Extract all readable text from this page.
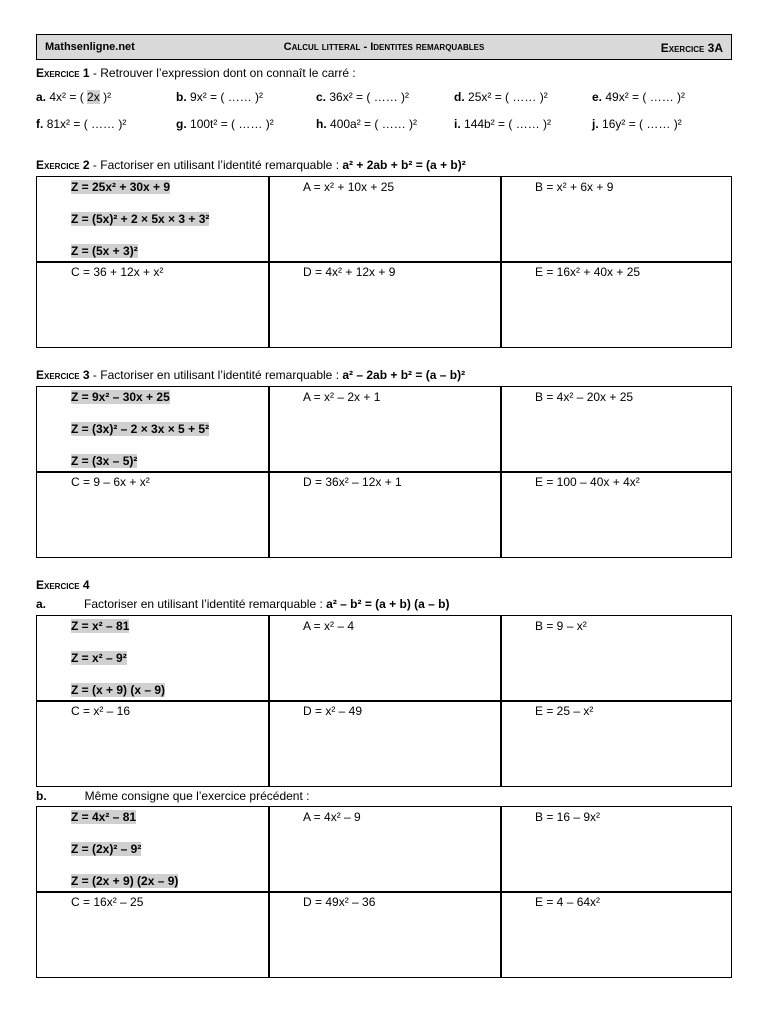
Mathsenligne.net	Calcul litteral - Identites remarquables	Exercice 3A
Exercice 1 - Retrouver l’expression dont on connaît le carré :
a. 4x² = ( 2x )²	b. 9x² = ( …… )²	c. 36x² = ( …… )²	d. 25x² = ( …… )²	e. 49x² = ( …… )²
f. 81x² = ( …… )²	g. 100t² = ( …… )²	h. 400a² = ( …… )²	i. 144b² = ( …… )²	j. 16y² = ( …… )²
Exercice 2 - Factoriser en utilisant l’identité remarquable : a² + 2ab + b² = (a + b)²
Z = 25x² + 30x + 9
Z = (5x)² + 2 × 5x × 3 + 3²
Z = (5x + 3)²
A = x² + 10x + 25	B = x² + 6x + 9
C = 36 + 12x + x²	D = 4x² + 12x + 9	E = 16x² + 40x + 25
Exercice 3 - Factoriser en utilisant l’identité remarquable : a² – 2ab + b² = (a – b)²
Z = 9x² – 30x + 25
Z = (3x)² – 2 × 3x × 5 + 5²
Z = (3x – 5)²
A = x² – 2x + 1	B = 4x² – 20x + 25
C = 9 – 6x + x²	D = 36x² – 12x + 1	E = 100 – 40x + 4x²
Exercice 4
a.	Factoriser en utilisant l’identité remarquable : a² – b² = (a + b) (a – b)
Z = x² – 81
Z = x² – 9²
Z = (x + 9) (x – 9)
A = x² – 4	B = 9 – x²
C = x² – 16	D = x² – 49	E = 25 – x²
b.	Même consigne que l’exercice précédent :
Z = 4x² – 81
Z = (2x)² – 9²
Z = (2x + 9) (2x – 9)
A = 4x² – 9	B = 16 – 9x²
C = 16x² – 25	D = 49x² – 36	E = 4 – 64x²
